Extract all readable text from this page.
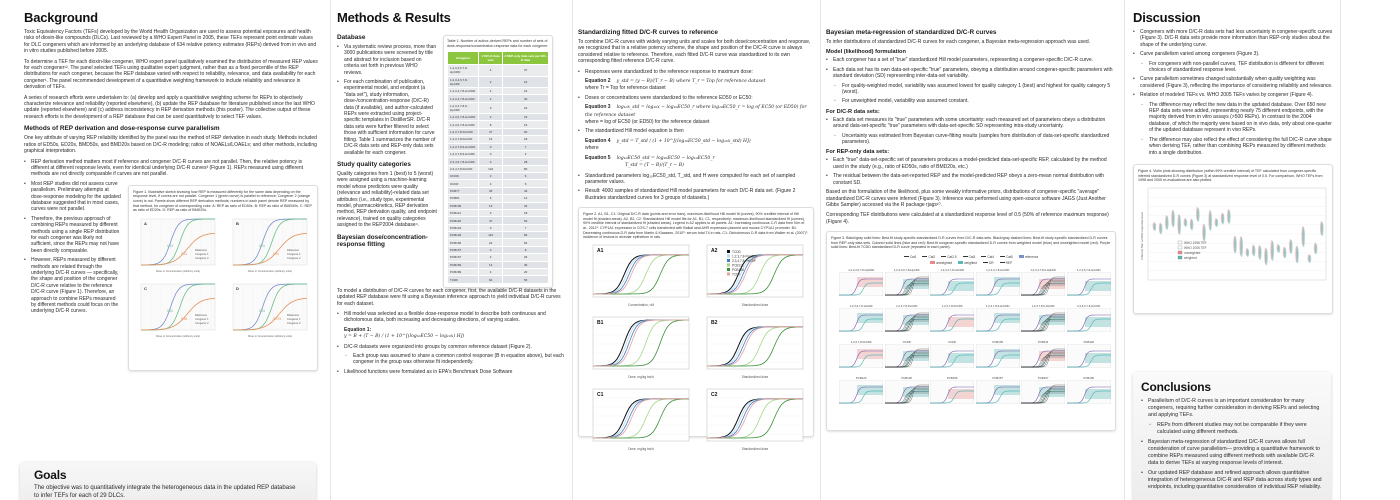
Background

Toxic Equivalency Factors (TEFs) developed by the World Health Organization are used to assess potential exposures and health risks of dioxin-like compounds (DLCs). Last reviewed by a WHO Expert Panel in 2005, these TEFs represent point estimate values for DLC congeners which are informed by an underlying database of 634 relative potency estimates (REPs) derived from in vivo and in vitro studies published before 2005.

To determine a TEF for each dioxin-like congener, WHO expert panel qualitatively examined the distribution of measured REP values for each congener¹². The panel selected TEFs using qualitative expert judgment, rather than as a fixed percentile of the REP distributions for each congener, because the REP database varied with respect to reliability, relevance, and data availability for each congener¹. The panel recommended development of a quantitative weighting framework to include reliability and relevance in derivation of TEFs.

A series of research efforts were undertaken to: (a) develop and apply a quantitative weighting scheme for REPs to objectively characterize relevance and reliability (reported elsewhere), (b) update the REP database for literature published since the last WHO update (reported elsewhere) and (c) address inconsistency in REP derivation methods (this poster). The collective output of these research efforts is the development of a REP database that can be used quantitatively to select TEF values.

Methods of REP derivation and dose-response curve parallelism

One key attribute of varying REP reliability identified by the panel was the method of REP derivation in each study. Methods included ratios of ED50s, ED20s, BMD50s, and BMD20s based on D/C-R modeling; ratios of NOAELs/LOAELs; and other methods, including graphical interpretation.

• REP derivation method matters most if reference and congener D/C-R curves are not parallel. Then, the relative potency is different at different response levels, even for identical underlying D/C-R curves³ (Figure 1). REPs measured using different methods are not directly comparable if curves are not parallel.
• Most REP studies did not assess curve parallelism. Preliminary attempts at dose-response modeling for the updated database suggested that in most cases, curves were not parallel.
• Therefore, the previous approach of combining REPs measured by different methods using a single REP distribution for each congener was likely not sufficient, since the REPs may not have been directly comparable.
• However, REPs measured by different methods are related through the underlying D/C-R curves — specifically, the shape and position of the congener D/C-R curve relative to the reference D/C-R curve (Figure 1). Therefore, an approach to combine REPs measured by different methods could focus on the underlying D/C-R curves.
Figure 1. Illustrative sketch showing how REP is measured differently for the same data depending on the response level, if curves are not parallel. Congener 1 (green curve) is parallel to reference; Congener 2 (orange curve) is not. Panels show different REP derivation methods; numbers in each panel denote REP measured by that method, for congener of corresponding color. A: REP as ratio of ED50s. B: REP as ratio of BMD50s. C: REP as ratio of ED20s. D: REP as ratio of BMD20s.
A
0.31
0.31
Reference
Congener 1
Congener 2
Dose or Concentration (arbitrary units)
B
0.31
0.31
Reference
Congener 1
Congener 2
Dose or Concentration (arbitrary units)
C
0.31
0.56
Reference
Congener 1
Congener 2
Dose or Concentration (arbitrary units)
D
0.31
0.575
Reference
Congener 1
Congener 2
Dose or Concentration (arbitrary units)
Goals

The objective was to quantitatively integrate the heterogeneous data in the updated REP database to infer TEFs for each of 29 DLCs.

Methods & Results
Database
• Via systematic review process, more than 3000 publications were screened by title and abstract for inclusion based on criteria set forth in previous WHO reviews.
• For each combination of publication, experimental model, and endpoint (a "data set"), study information, dose-/concentration-response (D/C-R) data (if available), and author-calculated REPs were extracted using project-specific templates in DistillerSR. D/C-R data sets were further filtered to select those with sufficient information for curve fitting. Table 1 summarizes the number of D/C-R data sets and REP-only data sets available for each congener.
Study quality categories

Quality categories from 1 (best) to 5 (worst) were assigned using a machine-learning model whose predictors were quality (relevance and reliability)-related data set attributes (i.e., study type, experimental model, pharmacokinetics, REP derivation method, REP derivation quality, and endpoint relevance), trained on quality categories assigned to the REP2004 database⁴.

Bayesian dose/concentration-response fitting
Table 1. Number of author-derived REPs and number of sets of dose-response/concentration-response data for each congener.
Congener	# D/C-R data sets	# REP-only data sets per D/C-R data
1,2,3,4,6,7,8-HpCDD	4	37
1,2,3,4,6,7,8-HpCDF	2	16
1,2,3,4,7,8-HxCDD	4	16
1,2,3,4,7,8-HxCDF	2	30
1,2,3,4,7,8,9-HpCDF	3	22
1,2,3,6,7,8-HxCDD	2	23
1,2,3,6,7,8-HxCDF	8	16
1,2,3,7,8-PeCDD	37	60
1,2,3,7,8-PeCDF	16	18
1,2,3,7,8,9-HxCDD	0	7
1,2,3,7,8,9-HxCDF	0	2
2,3,4,6,7,8-HxCDF	3	28
2,3,4,7,8-PeCDF	132	80
OCDD	3	6
OCDF	4	6
PCB77	36	43
PCB81	6	12
PCB105	13	33
PCB114	3	18
PCB118	47	52
PCB123	0	7
PCB126	116	84
PCB156	22	54
PCB157	3	8
PCB167	2	26
PCB169	13	36
PCB189	4	20
TCDF	60	56

To model a distribution of D/C-R curves for each congener, first, the available D/C-R datasets in the updated REP database were fit using a Bayesian inference approach to yield individual D/C-R curves for each dataset.

• Hill model was selected as a flexible dose-response model to describe both continuous and dichotomous data, both increasing and decreasing directions, of varying scales.
Equation 1:
y = B + (T − B) / (1 + 10^[(log₁₀EC50 − log₁₀x) H])
• D/C-R datasets were organized into groups by common reference dataset (Figure 2).
◦ Each group was assumed to share a common control response (B in equation above), but each congener in the group was otherwise fit independently.
• Likelihood functions were formulated as in EPA's Benchmark Dose Software
Standardizing fitted D/C-R curves to reference

To combine D/C-R curves with widely varying units and scales for both dose/concentration and response, we recognized that in a relative potency scheme, the shape and position of the D/C-R curve is always considered relative to reference. Therefore, each fitted D/C-R curve was standardized to its own corresponding fitted reference D/C-R curve.

• Responses were standardized to the reference response to maximum dose:
Equation 2 y_std = (y − B)/(T_r − B) where T_r = Top for reference dataset
where Tr = Top for reference dataset
• Doses or concentrations were standardized to the reference ED50 or EC50:
Equation 3 log₁₀x_std = log₁₀x − log₁₀EC50_r where log₁₀EC50_r = log of EC50 (or ED50) for the reference dataset
where = log of EC50 (or ED50) for the reference dataset
• The standardized Hill model equation is then
Equation 4 y_std = T_std / (1 + 10^[(log₁₀EC50_std − log₁₀x_std) H])
where
Equation 5 log₁₀EC50_std = log₁₀EC50 − log₁₀EC50_r
T_std = (T − B)/(T_r − B)
• Standardized parameters log₁₀EC50_std, T_std, and H were computed for each set of sampled parameter values.
• Result: 4000 samples of standardized Hill model parameters for each D/C-R data set. (Figure 2 illustrates standardized curves for 3 groups of datasets.)
Figure 2. A1, B1, C1: Original D/C-R data (points and error bars), maximum-likelihood Hill model fit (curves), 90% credible interval of Hill model fit (shaded areas). A2, B2, C2: Standardized Hill model fits for A1, B1, C1, respectively: maximum-likelihood standardized fit (curves), 90% credible interval of standardized fit (shaded areas). Legend in A2 applies to all panels. A1: Increasing continuous C-R data from Kim et al., 2011⁵: CYP1A1 expression in COS-7 cells transfected with Baikal seal AHR expression plasmid and mouse CYP1A1 promoter. B1: Decreasing continuous D-R data from Martin & Klaassen, 2010⁶: serum total T4 in rats. C1: Dichotomous D-R data from Walker et al. (2007)⁷: incidence of lesions in alveolar epithelium in rats.
A1
Concentration, nM
A2	TCDD
1,2,3,7,8-PeCDD
2,3,4,7,8-PeCDF
PCB118
PCB126
TCDF
Standardized dose
B1
Dose, mg/kg bw/d
B2
Standardized dose
C1
Dose, mg/kg bw/d
C2
Standardized dose
Bayesian meta-regression of standardized D/C-R curves

To infer distributions of standardized D/C-R curves for each congener, a Bayesian meta-regression approach was used.

Model (likelihood) formulation
• Each congener has a set of "true" standardized Hill model parameters, representing a congener-specific D/C-R curve.
• Each data set has its own data-set-specific "true" parameters, obeying a distribution around congener-specific parameters with standard deviation (SD) representing inter-data-set variability.
◦ For quality-weighted model, variability was assumed lowest for quality category 1 (best) and highest for quality category 5 (worst).
◦ For unweighted model, variability was assumed constant.
For D/C-R data sets:
• Each data set measures its "true" parameters with some uncertainty: each measured set of parameters obeys a distribution around data-set-specific "true" parameters with data-set-specific SD representing intra-study uncertainty.
◦ Uncertainty was estimated from Bayesian curve-fitting results (samples from distribution of data-set-specific standardized parameters).
For REP-only data sets:
• Each "true" data-set-specific set of parameters produces a model-predicted data-set-specific REP, calculated by the method used in the study (e.g., ratio of ED50s, ratio of BMD20s, etc.)
• The residual between the data-set-reported REP and the model-predicted REP obeys a zero-mean normal distribution with constant SD.

Based on this formulation of the likelihood, plus some weakly informative priors, distributions of congener-specific "average" standardized D/C-R curves were inferred (Figure 3). Inference was performed using open-source software JAGS (Just Another Gibbs Sampler) accessed via the R package rjags¹⁰.

Corresponding TEF distributions were calculated at a standardized response level of 0.5 (50% of reference maximum response) (Figure 4).

Figure 3. Black/gray solid lines: Best-fit study-specific standardized D-R curves from D/C-R data sets. Black/gray dashed lines: Best-fit study-specific standardized D-R curves from REP-only data sets. Colored solid lines (blue and red): Best-fit congener-specific standardized D-R curves from weighted model (blue) and unweighted model (red). Purple solid lines: Best-fit TCDD standardized D-R curve (repeated in each panel).
Cat1	Cat2	Cat2.5	Cat3	Cat4	Cat5	reference
unweighted	weighted	DR	REP
1,2,3,4,6,7,8-HpCDD	1,2,3,4,6,7,8-HpCDF	1,2,3,4,7,8-HxCDD	1,2,3,4,7,8-HxCDF	1,2,3,4,7,8,9-HpCDF	1,2,3,6,7,8-HxCDD
1,2,3,6,7,8-HxCDF	1,2,3,7,8-PeCDD	1,2,3,7,8-PeCDF	1,2,3,7,8,9-HxCDD	1,2,3,7,8,9-HxCDF	2,3,4,6,7,8-HxCDF
2,3,4,7,8-PeCDF	OCDD	OCDF	PCB105	PCB114	PCB118
PCB123	PCB126	PCB156	PCB157	PCB167	PCB169
Discussion
• Congeners with more D/C-R data sets had less uncertainty in congener-specific curves (Figure 3). D/C-R data sets provide more information than REP-only studies about the shape of the underlying curve.
• Curve parallelism varied among congeners (Figure 3).
◦ For congeners with non-parallel curves, TEF distribution is different for different choices of standardized response level.
• Curve parallelism sometimes changed substantially when quality weighting was considered (Figure 3), reflecting the importance of considering reliability and relevance.
• Relation of modeled TEFs vs. WHO 2005 TEFs varies by congener (Figure 4).
◦ The difference may reflect the new data in the updated database. Over 650 new REP data sets were added, representing nearly 75 different endpoints, with the majority derived from in vitro assays (>500 REPs). In contrast to the 2004 database, of which the majority were based on in vivo data, only about one-quarter of the updated database represent in vivo REPs.
◦ The difference may also reflect the effect of considering the full D/C-R curve shape when deriving TEF, rather than combining REPs measured by different methods into a single distribution.
Figure 4. Violin plots showing distribution (within 99% credible interval) of TEF calculated from congener-specific inferred standardized D-R curves (Figure 3) at standardized response level of 0.5. For comparison, WHO TEFs from 1998 and 2005 re-evaluations are also plotted.
WHO 1998 TEF
WHO 2005 TEF
unweighted
weighted
Inferred TEF at 50% response level
Conclusions
• Parallelism of D/C-R curves is an important consideration for many congeners, requiring further consideration in deriving REPs and selecting and applying TEFs.
◦ REPs from different studies may not be comparable if they were calculated using different methods.
• Bayesian meta-regression of standardized D/C-R curves allows full consideration of curve parallelism— providing a quantitative framework to combine REPs measured using different methods with available D/C-R data to derive TEFs at varying response levels of interest.
• Our updated REP database and refined approach allows quantitative integration of heterogeneous D/C-R and REP data across study types and endpoints, including quantitative consideration of individual REP reliability.
